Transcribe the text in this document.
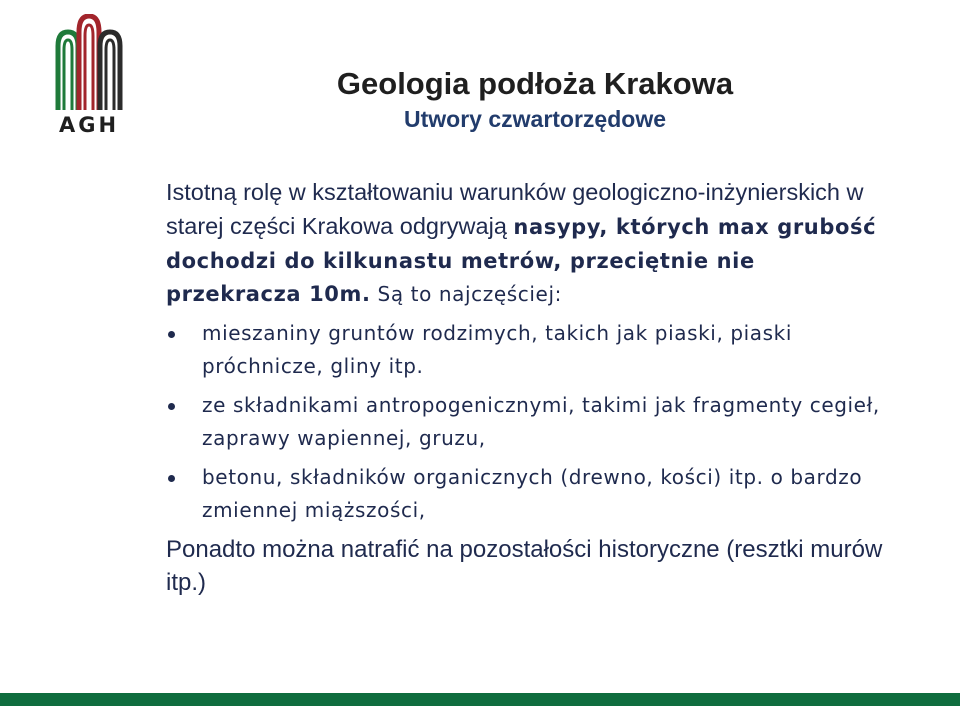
AGH
Geologia podłoża Krakowa
Utwory czwartorzędowe

Istotną rolę w kształtowaniu warunków geologiczno-inżynierskich w starej części Krakowa odgrywają nasypy, których max grubość dochodzi do kilkunastu metrów, przeciętnie nie przekracza 10m. Są to najczęściej:

mieszaniny gruntów rodzimych, takich jak piaski, piaski próchnicze, gliny itp.
ze składnikami antropogenicznymi, takimi jak fragmenty cegieł, zaprawy wapiennej, gruzu,
betonu, składników organicznych (drewno, kości) itp. o bardzo zmiennej miąższości,

Ponadto można natrafić na pozostałości historyczne (resztki murów itp.)
